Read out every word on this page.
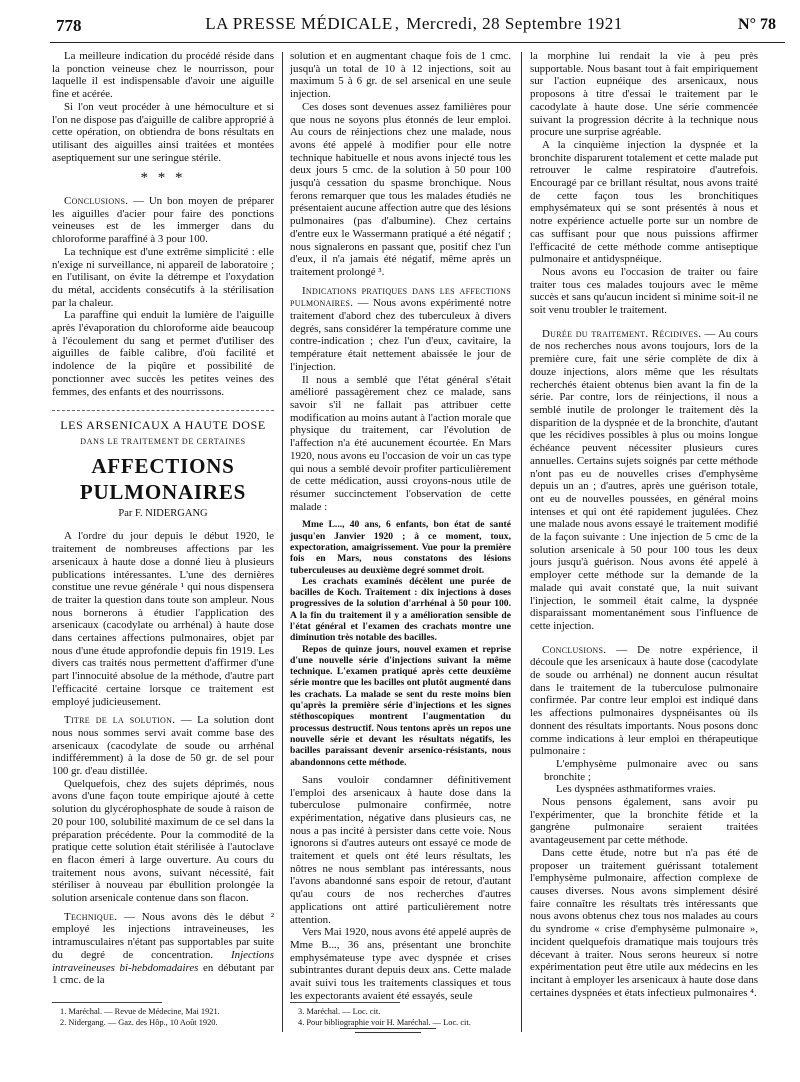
778	LA PRESSE MÉDICALE , Mercredi, 28 Septembre 1921	N° 78

La meilleure indication du procédé réside dans la ponction veineuse chez le nourrisson, pour laquelle il est indispensable d'avoir une aiguille fine et acérée.

Si l'on veut procéder à une hémoculture et si l'on ne dispose pas d'aiguille de calibre approprié à cette opération, on obtiendra de bons résultats en utilisant des aiguilles ainsi traitées et montées aseptiquement sur une seringue stérile.

* * *

Conclusions. — Un bon moyen de préparer les aiguilles d'acier pour faire des ponctions veineuses est de les immerger dans du chloroforme paraffiné à 3 pour 100.

La technique est d'une extrême simplicité : elle n'exige ni surveillance, ni appareil de laboratoire ; en l'utilisant, on évite la détrempe et l'oxydation du métal, accidents consécutifs à la stérilisation par la chaleur.

La paraffine qui enduit la lumière de l'aiguille après l'évaporation du chloroforme aide beaucoup à l'écoulement du sang et permet d'utiliser des aiguilles de faible calibre, d'où facilité et indolence de la piqûre et possibilité de ponctionner avec succès les petites veines des femmes, des enfants et des nourrissons.

LES ARSENICAUX A HAUTE DOSE
DANS LE TRAITEMENT DE CERTAINES
AFFECTIONS PULMONAIRES
Par F. NIDERGANG

A l'ordre du jour depuis le début 1920, le traitement de nombreuses affections par les arsenicaux à haute dose a donné lieu à plusieurs publications intéressantes. L'une des dernières constitue une revue générale ¹ qui nous dispensera de traiter la question dans toute son ampleur. Nous nous bornerons à étudier l'application des arsenicaux (cacodylate ou arrhénal) à haute dose dans certaines affections pulmonaires, objet par nous d'une étude approfondie depuis fin 1919. Les divers cas traités nous permettent d'affirmer d'une part l'innocuité absolue de la méthode, d'autre part l'efficacité certaine lorsque ce traitement est employé judicieusement.

Titre de la solution. — La solution dont nous nous sommes servi avait comme base des arsenicaux (cacodylate de soude ou arrhénal indifféremment) à la dose de 50 gr. de sel pour 100 gr. d'eau distillée.

Quelquefois, chez des sujets déprimés, nous avons d'une façon toute empirique ajouté à cette solution du glycérophosphate de soude à raison de 20 pour 100, solubilité maximum de ce sel dans la préparation précédente. Pour la commodité de la pratique cette solution était stérilisée à l'autoclave en flacon émeri à large ouverture. Au cours du traitement nous avons, suivant nécessité, fait stériliser à nouveau par ébullition prolongée la solution arsenicale contenue dans son flacon.

Technique. — Nous avons dès le début ² employé les injections intraveineuses, les intramusculaires n'étant pas supportables par suite du degré de concentration. Injections intraveineuses bi-hebdomadaires en débutant par 1 cmc. de la

1. Maréchal. — Revue de Médecine, Mai 1921.
2. Nidergang. — Gaz. des Hôp., 10 Août 1920.

solution et en augmentant chaque fois de 1 cmc. jusqu'à un total de 10 à 12 injections, soit au maximum 5 à 6 gr. de sel arsenical en une seule injection.

Ces doses sont devenues assez familières pour que nous ne soyons plus étonnés de leur emploi. Au cours de réinjections chez une malade, nous avons été appelé à modifier pour elle notre technique habituelle et nous avons injecté tous les deux jours 5 cmc. de la solution à 50 pour 100 jusqu'à cessation du spasme bronchique. Nous ferons remarquer que tous les malades étudiés ne présentaient aucune affection autre que des lésions pulmonaires (pas d'albumine). Chez certains d'entre eux le Wassermann pratiqué a été négatif ; nous signalerons en passant que, positif chez l'un d'eux, il n'a jamais été négatif, même après un traitement prolongé ³.

Indications pratiques dans les affections pulmonaires. — Nous avons expérimenté notre traitement d'abord chez des tuberculeux à divers degrés, sans considérer la température comme une contre-indication ; chez l'un d'eux, cavitaire, la température était nettement abaissée le jour de l'injection.

Il nous a semblé que l'état général s'était amélioré passagèrement chez ce malade, sans savoir s'il ne fallait pas attribuer cette modification au moins autant à l'action morale que physique du traitement, car l'évolution de l'affection n'a été aucunement écourtée. En Mars 1920, nous avons eu l'occasion de voir un cas type qui nous a semblé devoir profiter particulièrement de cette médication, aussi croyons-nous utile de résumer succinctement l'observation de cette malade :

Mme L..., 40 ans, 6 enfants, bon état de santé jusqu'en Janvier 1920 ; à ce moment, toux, expectoration, amaigrissement. Vue pour la première fois en Mars, nous constatons des lésions tuberculeuses au deuxième degré sommet droit.

Les crachats examinés décèlent une purée de bacilles de Koch. Traitement : dix injections à doses progressives de la solution d'arrhénal à 50 pour 100. A la fin du traitement il y a amélioration sensible de l'état général et l'examen des crachats montre une diminution très notable des bacilles.

Repos de quinze jours, nouvel examen et reprise d'une nouvelle série d'injections suivant la même technique. L'examen pratiqué après cette deuxième série montre que les bacilles ont plutôt augmenté dans les crachats. La malade se sent du reste moins bien qu'après la première série d'injections et les signes stéthoscopiques montrent l'augmentation du processus destructif. Nous tentons après un repos une nouvelle série et devant les résultats négatifs, les bacilles paraissant devenir arsenico-résistants, nous abandonnons cette méthode.

Sans vouloir condamner définitivement l'emploi des arsenicaux à haute dose dans la tuberculose pulmonaire confirmée, notre expérimentation, négative dans plusieurs cas, ne nous a pas incité à persister dans cette voie. Nous ignorons si d'autres auteurs ont essayé ce mode de traitement et quels ont été leurs résultats, les nôtres ne nous semblant pas intéressants, nous l'avons abandonné sans espoir de retour, d'autant qu'au cours de nos recherches d'autres applications ont attiré particulièrement notre attention.

Vers Mai 1920, nous avons été appelé auprès de Mme B..., 36 ans, présentant une bronchite emphysémateuse type avec dyspnée et crises subintrantes durant depuis deux ans. Cette malade avait suivi tous les traitements classiques et tous les expectorants avaient été essayés, seule

3. Maréchal. — Loc. cit.
4. Pour bibliographie voir H. Maréchal. — Loc. cit.

la morphine lui rendait la vie à peu près supportable. Nous basant tout à fait empiriquement sur l'action eupnéique des arsenicaux, nous proposons à titre d'essai le traitement par le cacodylate à haute dose. Une série commencée suivant la progression décrite à la technique nous procure une surprise agréable.

A la cinquième injection la dyspnée et la bronchite disparurent totalement et cette malade put retrouver le calme respiratoire d'autrefois. Encouragé par ce brillant résultat, nous avons traité de cette façon tous les bronchitiques emphysémateux qui se sont présentés à nous et notre expérience actuelle porte sur un nombre de cas suffisant pour que nous puissions affirmer l'efficacité de cette méthode comme antiseptique pulmonaire et antidyspnéique.

Nous avons eu l'occasion de traiter ou faire traiter tous ces malades toujours avec le même succès et sans qu'aucun incident si minime soit-il ne soit venu troubler le traitement.

Durée du traitement. Récidives. — Au cours de nos recherches nous avons toujours, lors de la première cure, fait une série complète de dix à douze injections, alors même que les résultats recherchés étaient obtenus bien avant la fin de la série. Par contre, lors de réinjections, il nous a semblé inutile de prolonger le traitement dès la disparition de la dyspnée et de la bronchite, d'autant que les récidives possibles à plus ou moins longue échéance peuvent nécessiter plusieurs cures annuelles. Certains sujets soignés par cette méthode n'ont pas eu de nouvelles crises d'emphysème depuis un an ; d'autres, après une guérison totale, ont eu de nouvelles poussées, en général moins intenses et qui ont été rapidement jugulées. Chez une malade nous avons essayé le traitement modifié de la façon suivante : Une injection de 5 cmc de la solution arsenicale à 50 pour 100 tous les deux jours jusqu'à guérison. Nous avons été appelé à employer cette méthode sur la demande de la malade qui avait constaté que, la nuit suivant l'injection, le sommeil était calme, la dyspnée disparaissant momentanément sous l'influence de cette injection.

Conclusions. — De notre expérience, il découle que les arsenicaux à haute dose (cacodylate de soude ou arrhénal) ne donnent aucun résultat dans le traitement de la tuberculose pulmonaire confirmée. Par contre leur emploi est indiqué dans les affections pulmonaires dyspnéisantes où ils donnent des résultats importants. Nous posons donc comme indications à leur emploi en thérapeutique pulmonaire :

L'emphysème pulmonaire avec ou sans bronchite ;

Les dyspnées asthmatiformes vraies.

Nous pensons également, sans avoir pu l'expérimenter, que la bronchite fétide et la gangrène pulmonaire seraient traitées avantageusement par cette méthode.

Dans cette étude, notre but n'a pas été de proposer un traitement guérissant totalement l'emphysème pulmonaire, affection complexe de causes diverses. Nous avons simplement désiré faire connaître les résultats très intéressants que nous avons obtenus chez tous nos malades au cours du syndrome « crise d'emphysème pulmonaire », incident quelquefois dramatique mais toujours très décevant à traiter. Nous serons heureux si notre expérimentation peut être utile aux médecins en les incitant à employer les arsenicaux à haute dose dans certaines dyspnées et états infectieux pulmonaires ⁴.
